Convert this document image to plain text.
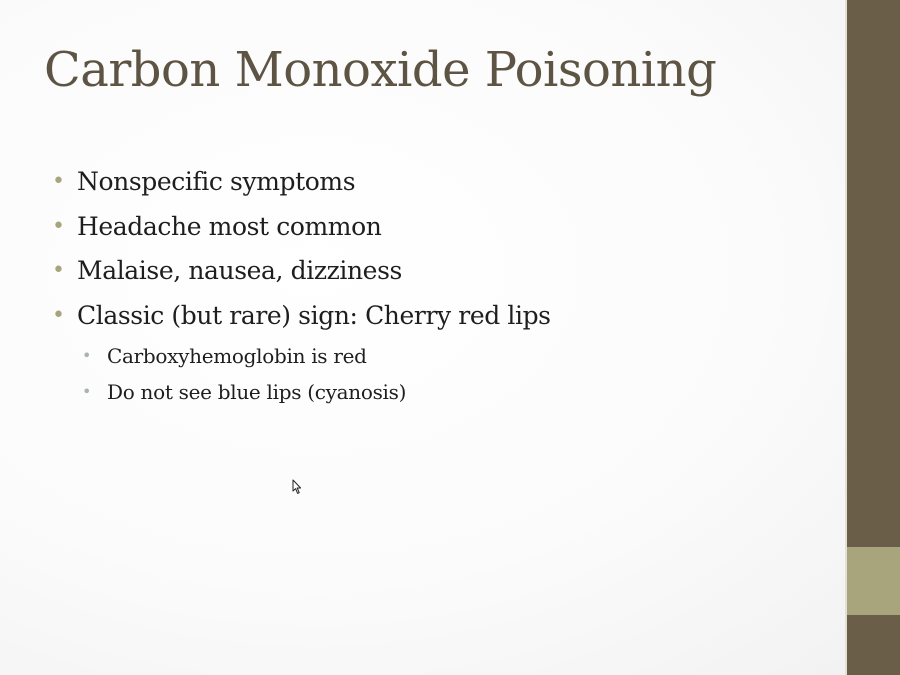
Carbon Monoxide Poisoning
• Nonspecific symptoms
• Headache most common
• Malaise, nausea, dizziness
• Classic (but rare) sign: Cherry red lips
• Carboxyhemoglobin is red
• Do not see blue lips (cyanosis)
